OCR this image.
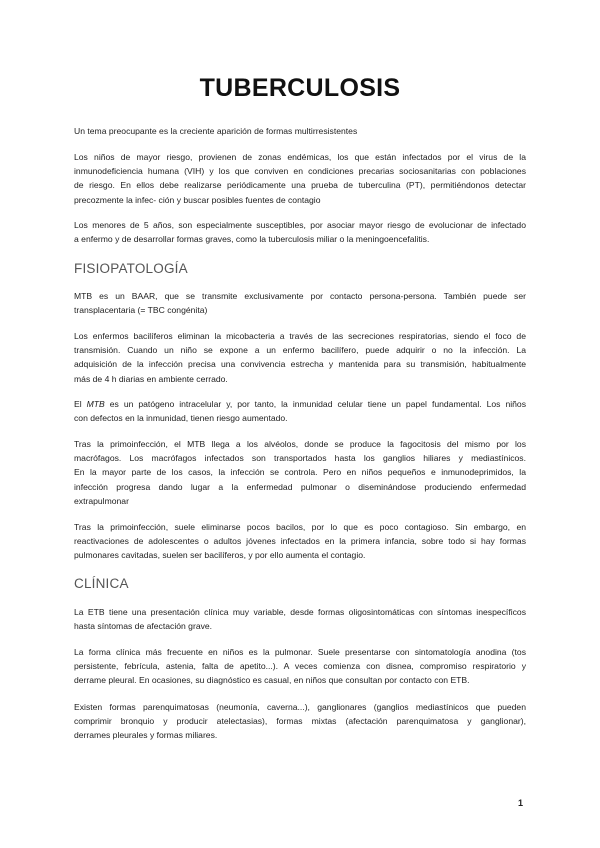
TUBERCULOSIS

Un tema preocupante es la creciente aparición de formas multirresistentes

Los niños de mayor riesgo, provienen de zonas endémicas, los que están infectados por el virus de la
inmunodeficiencia humana (VIH) y los que conviven en condiciones precarias sociosanitarias con poblaciones
de riesgo. En ellos debe realizarse periódicamente una prueba de tuberculina (PT), permitiéndonos detectar
precozmente la infec- ción y buscar posibles fuentes de contagio
Los menores de 5 años, son especialmente susceptibles, por asociar mayor riesgo de evolucionar de infectado
a enfermo y de desarrollar formas graves, como la tuberculosis miliar o la meningoencefalitis.
FISIOPATOLOGÍA
MTB es un BAAR, que se transmite exclusivamente por contacto persona-persona. También puede ser
transplacentaria (= TBC congénita)
Los enfermos bacilíferos eliminan la micobacteria a través de las secreciones respiratorias, siendo el foco de
transmisión. Cuando un niño se expone a un enfermo bacilífero, puede adquirir o no la infección. La
adquisición de la infección precisa una convivencia estrecha y mantenida para su transmisión, habitualmente
más de 4 h diarias en ambiente cerrado.
El MTB es un patógeno intracelular y, por tanto, la inmunidad celular tiene un papel fundamental. Los niños
con defectos en la inmunidad, tienen riesgo aumentado.
Tras la primoinfección, el MTB llega a los alvéolos, donde se produce la fagocitosis del mismo por los
macrófagos. Los macrófagos infectados son transportados hasta los ganglios hiliares y mediastínicos.
En la mayor parte de los casos, la infección se controla. Pero en niños pequeños e inmunodeprimidos, la
infección progresa dando lugar a la enfermedad pulmonar o diseminándose produciendo enfermedad
extrapulmonar
Tras la primoinfección, suele eliminarse pocos bacilos, por lo que es poco contagioso. Sin embargo, en
reactivaciones de adolescentes o adultos jóvenes infectados en la primera infancia, sobre todo si hay formas
pulmonares cavitadas, suelen ser bacilíferos, y por ello aumenta el contagio.
CLÍNICA
La ETB tiene una presentación clínica muy variable, desde formas oligosintomáticas con síntomas inespecíficos
hasta síntomas de afectación grave.
La forma clínica más frecuente en niños es la pulmonar. Suele presentarse con sintomatología anodina (tos
persistente, febrícula, astenia, falta de apetito...). A veces comienza con disnea, compromiso respiratorio y
derrame pleural. En ocasiones, su diagnóstico es casual, en niños que consultan por contacto con ETB.
Existen formas parenquimatosas (neumonía, caverna...), ganglionares (ganglios mediastínicos que pueden
comprimir bronquio y producir atelectasias), formas mixtas (afectación parenquimatosa y ganglionar),
derrames pleurales y formas miliares.
1
